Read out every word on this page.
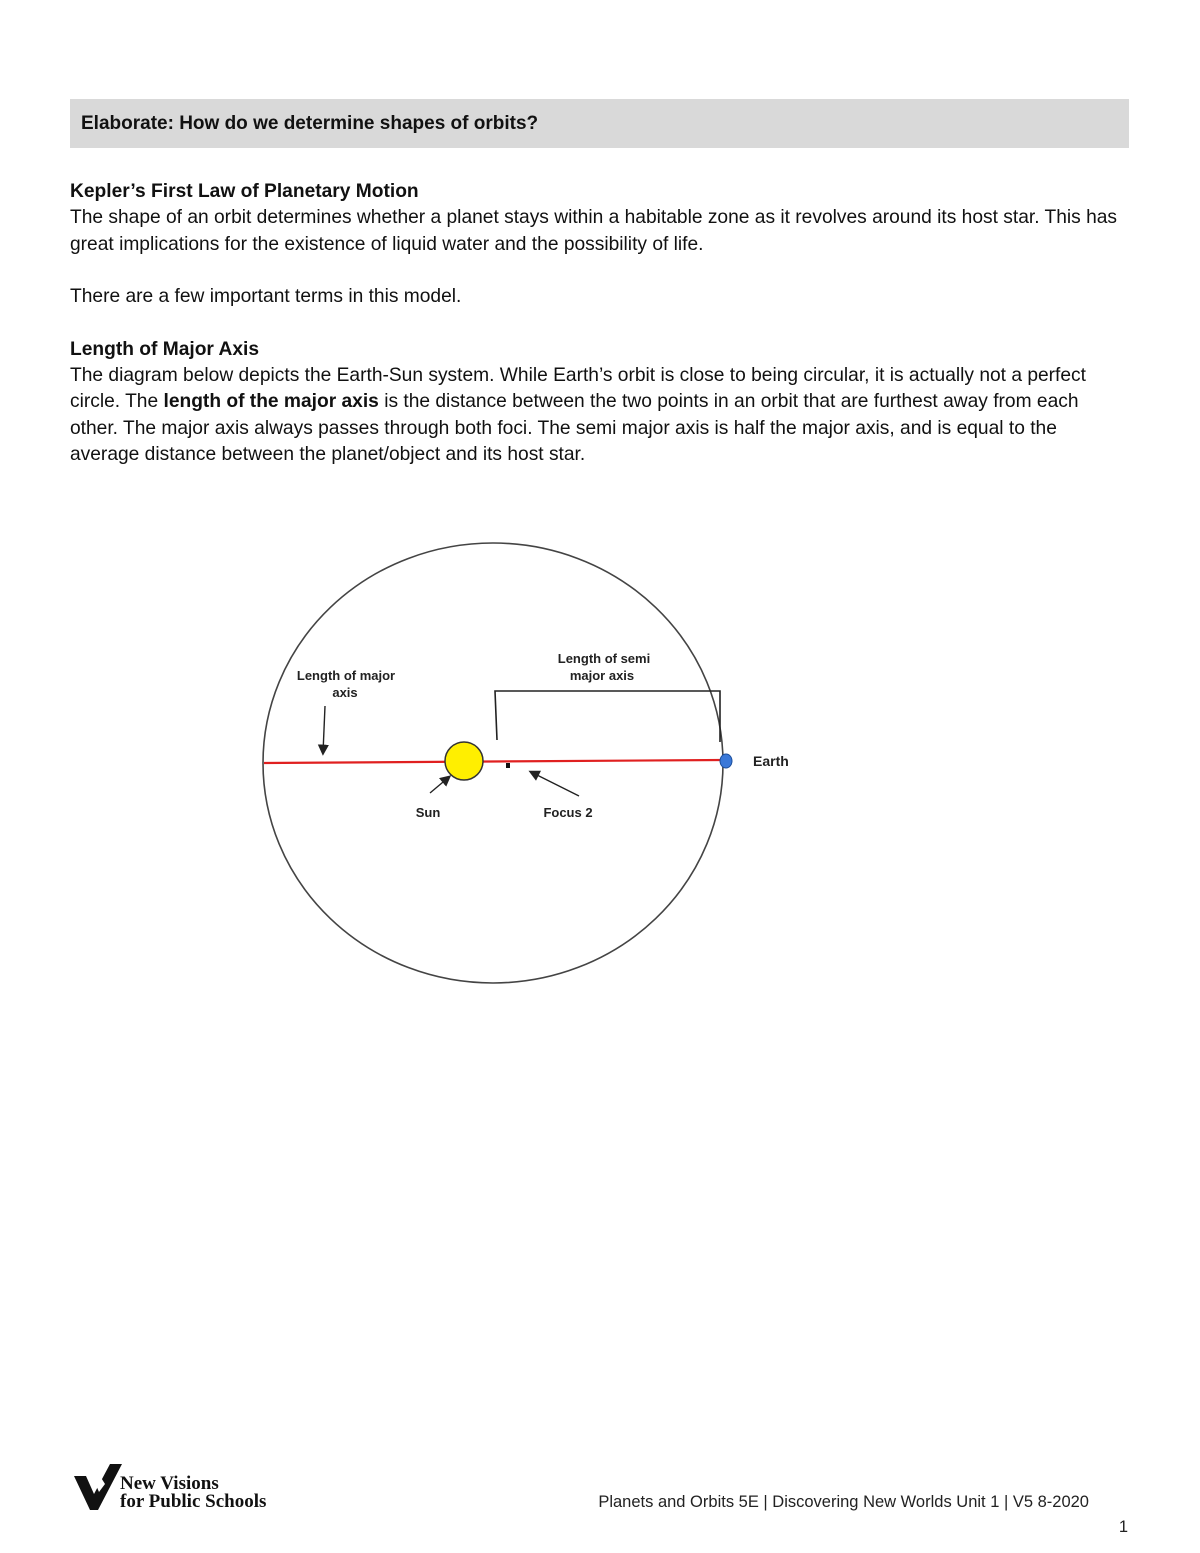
Elaborate: How do we determine shapes of orbits?
Kepler’s First Law of Planetary Motion

The shape of an orbit determines whether a planet stays within a habitable zone as it revolves around its host star. This has great implications for the existence of liquid water and the possibility of life.

There are a few important terms in this model.

Length of Major Axis

The diagram below depicts the Earth-Sun system. While Earth’s orbit is close to being circular, it is actually not a perfect circle. The length of the major axis is the distance between the two points in an orbit that are furthest away from each other. The major axis always passes through both foci. The semi major axis is half the major axis, and is equal to the average distance between the planet/object and its host star.

Length of major
axis
Length of semi
major axis
Earth
Sun	Focus 2
New Visions
for Public Schools	Planets and Orbits 5E | Discovering New Worlds Unit 1 | V5 8-2020
1
